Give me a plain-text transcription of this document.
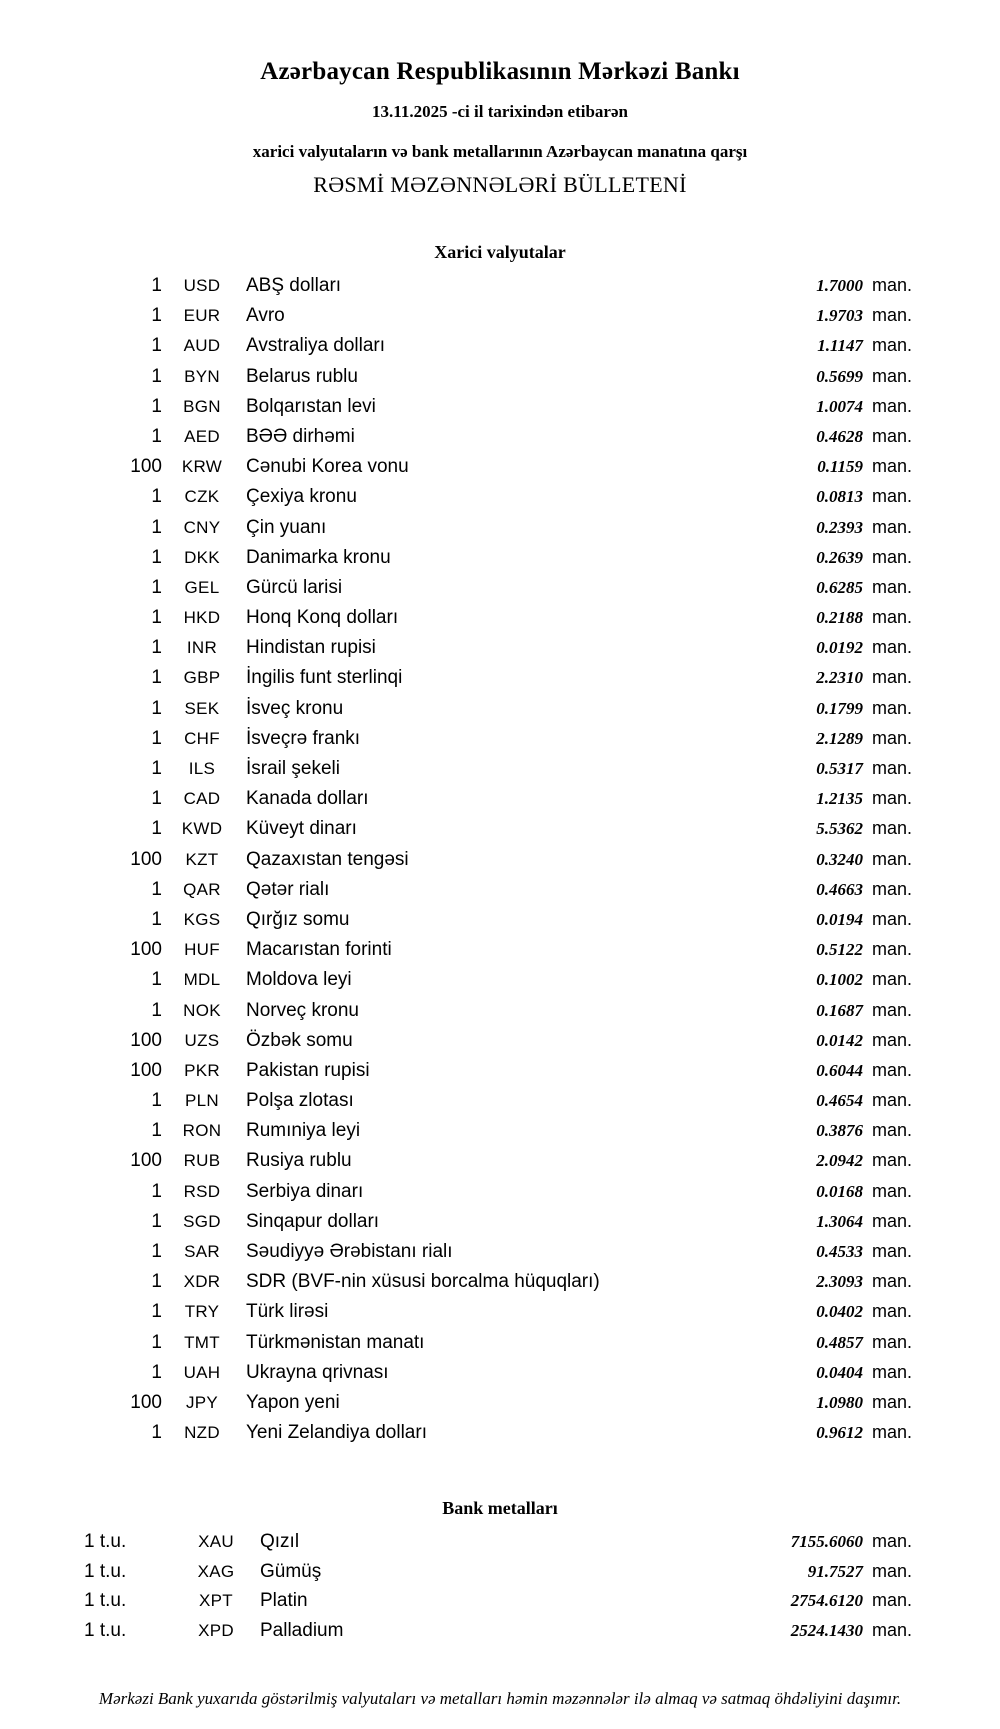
Azərbaycan Respublikasının Mərkəzi Bankı
13.11.2025 -ci il tarixindən etibarən
xarici valyutaların və bank metallarının Azərbaycan manatına qarşı
RƏSMİ MƏZƏNNƏLƏRİ BÜLLETENİ
Xarici valyutalar
1	USD	ABŞ dolları	1.7000	man.
1	EUR	Avro	1.9703	man.
1	AUD	Avstraliya dolları	1.1147	man.
1	BYN	Belarus rublu	0.5699	man.
1	BGN	Bolqarıstan levi	1.0074	man.
1	AED	BƏƏ dirhəmi	0.4628	man.
100	KRW	Cənubi Korea vonu	0.1159	man.
1	CZK	Çexiya kronu	0.0813	man.
1	CNY	Çin yuanı	0.2393	man.
1	DKK	Danimarka kronu	0.2639	man.
1	GEL	Gürcü larisi	0.6285	man.
1	HKD	Honq Konq dolları	0.2188	man.
1	INR	Hindistan rupisi	0.0192	man.
1	GBP	İngilis funt sterlinqi	2.2310	man.
1	SEK	İsveç kronu	0.1799	man.
1	CHF	İsveçrə frankı	2.1289	man.
1	ILS	İsrail şekeli	0.5317	man.
1	CAD	Kanada dolları	1.2135	man.
1	KWD	Küveyt dinarı	5.5362	man.
100	KZT	Qazaxıstan tengəsi	0.3240	man.
1	QAR	Qətər rialı	0.4663	man.
1	KGS	Qırğız somu	0.0194	man.
100	HUF	Macarıstan forinti	0.5122	man.
1	MDL	Moldova leyi	0.1002	man.
1	NOK	Norveç kronu	0.1687	man.
100	UZS	Özbək somu	0.0142	man.
100	PKR	Pakistan rupisi	0.6044	man.
1	PLN	Polşa zlotası	0.4654	man.
1	RON	Rumıniya leyi	0.3876	man.
100	RUB	Rusiya rublu	2.0942	man.
1	RSD	Serbiya dinarı	0.0168	man.
1	SGD	Sinqapur dolları	1.3064	man.
1	SAR	Səudiyyə Ərəbistanı rialı	0.4533	man.
1	XDR	SDR (BVF-nin xüsusi borcalma hüquqları)	2.3093	man.
1	TRY	Türk lirəsi	0.0402	man.
1	TMT	Türkmənistan manatı	0.4857	man.
1	UAH	Ukrayna qrivnası	0.0404	man.
100	JPY	Yapon yeni	1.0980	man.
1	NZD	Yeni Zelandiya dolları	0.9612	man.
Bank metalları
1 t.u.	XAU	Qızıl	7155.6060	man.
1 t.u.	XAG	Gümüş	91.7527	man.
1 t.u.	XPT	Platin	2754.6120	man.
1 t.u.	XPD	Palladium	2524.1430	man.
Mərkəzi Bank yuxarıda göstərilmiş valyutaları və metalları həmin məzənnələr ilə almaq və satmaq öhdəliyini daşımır.
